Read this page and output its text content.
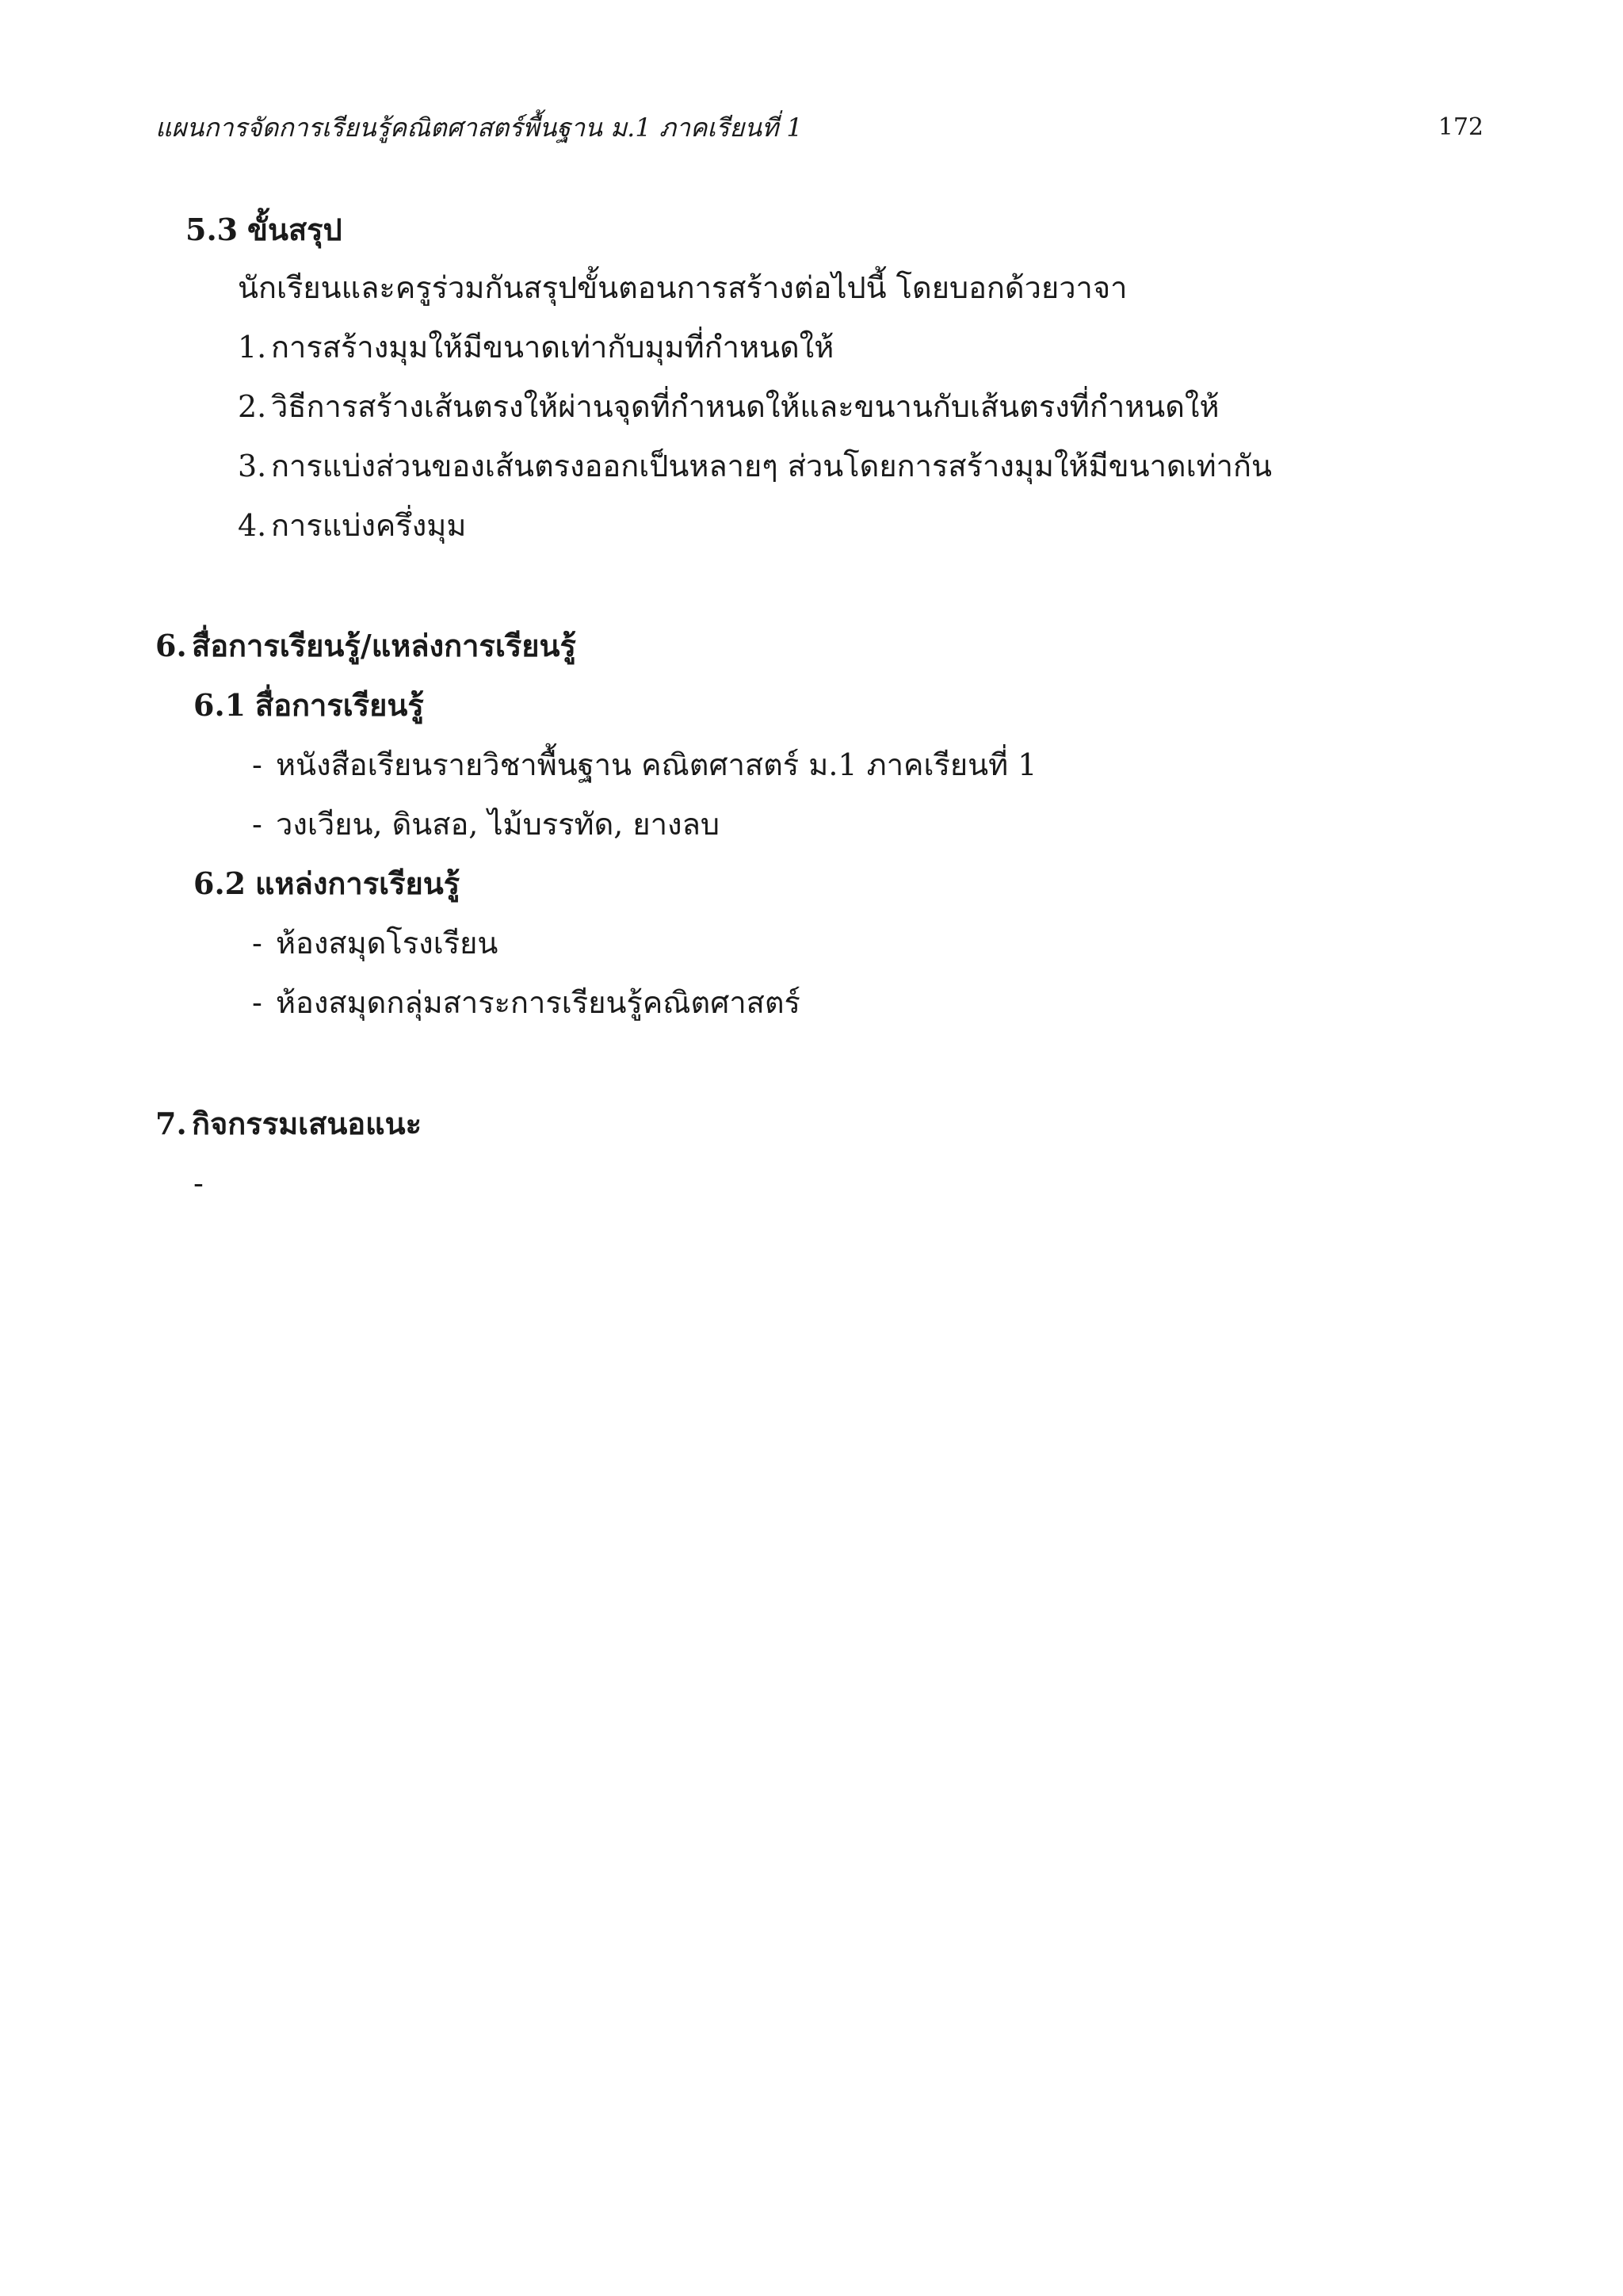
แผนการจัดการเรียนรู้คณิตศาสตร์พื้นฐาน ม.1 ภาคเรียนที่ 1	172
5.3 ขั้นสรุป
นักเรียนและครูร่วมกันสรุปขั้นตอนการสร้างต่อไปนี้ โดยบอกด้วยวาจา
1. การสร้างมุมให้มีขนาดเท่ากับมุมที่กำหนดให้
2. วิธีการสร้างเส้นตรงให้ผ่านจุดที่กำหนดให้และขนานกับเส้นตรงที่กำหนดให้
3. การแบ่งส่วนของเส้นตรงออกเป็นหลายๆ ส่วนโดยการสร้างมุมให้มีขนาดเท่ากัน
4. การแบ่งครึ่งมุม
6. สื่อการเรียนรู้/แหล่งการเรียนรู้
6.1 สื่อการเรียนรู้
- หนังสือเรียนรายวิชาพื้นฐาน คณิตศาสตร์ ม.1 ภาคเรียนที่ 1
- วงเวียน, ดินสอ, ไม้บรรทัด, ยางลบ
6.2 แหล่งการเรียนรู้
- ห้องสมุดโรงเรียน
- ห้องสมุดกลุ่มสาระการเรียนรู้คณิตศาสตร์
7. กิจกรรมเสนอแนะ
-
